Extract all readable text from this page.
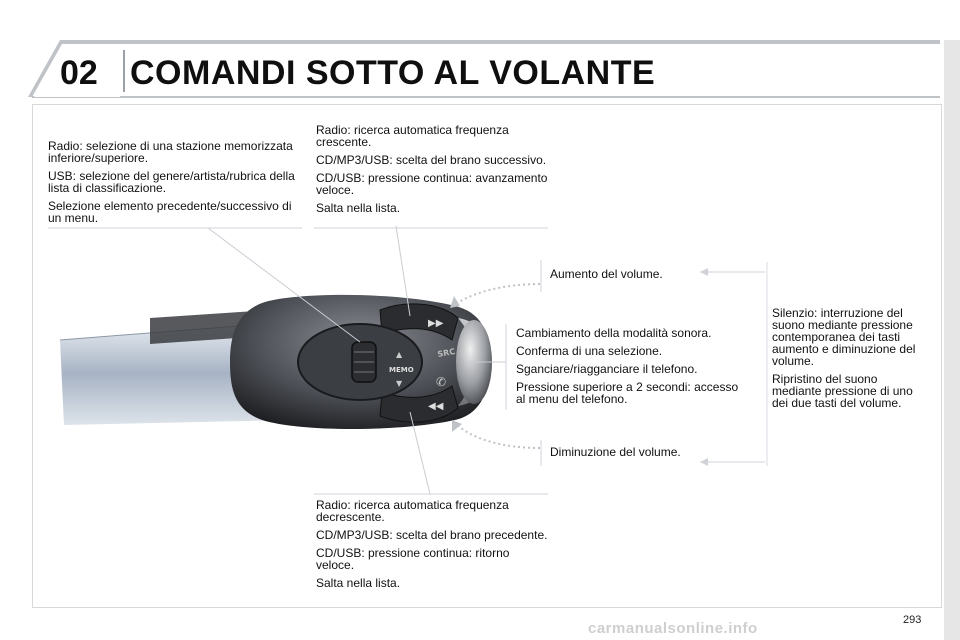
02 COMANDI SOTTO AL VOLANTE
▶▶
◀◀
▲
▼
MEMO
SRC
✆

Radio: selezione di una stazione memorizzata inferiore/superiore.

USB: selezione del genere/artista/rubrica della lista di classificazione.

Selezione elemento precedente/successivo di un menu.

Radio: ricerca automatica frequenza crescente.

CD/MP3/USB: scelta del brano successivo.

CD/USB: pressione continua: avanzamento veloce.

Salta nella lista.

Aumento del volume.

Cambiamento della modalità sonora.

Conferma di una selezione.

Sganciare/riagganciare il telefono.

Pressione superiore a 2 secondi: accesso al menu del telefono.

Silenzio: interruzione del suono mediante pressione contemporanea dei tasti aumento e diminuzione del volume.

Ripristino del suono mediante pressione di uno dei due tasti del volume.

Diminuzione del volume.

Radio: ricerca automatica frequenza decrescente.

CD/MP3/USB: scelta del brano precedente.

CD/USB: pressione continua: ritorno veloce.

Salta nella lista.

293
carmanualsonline.info
